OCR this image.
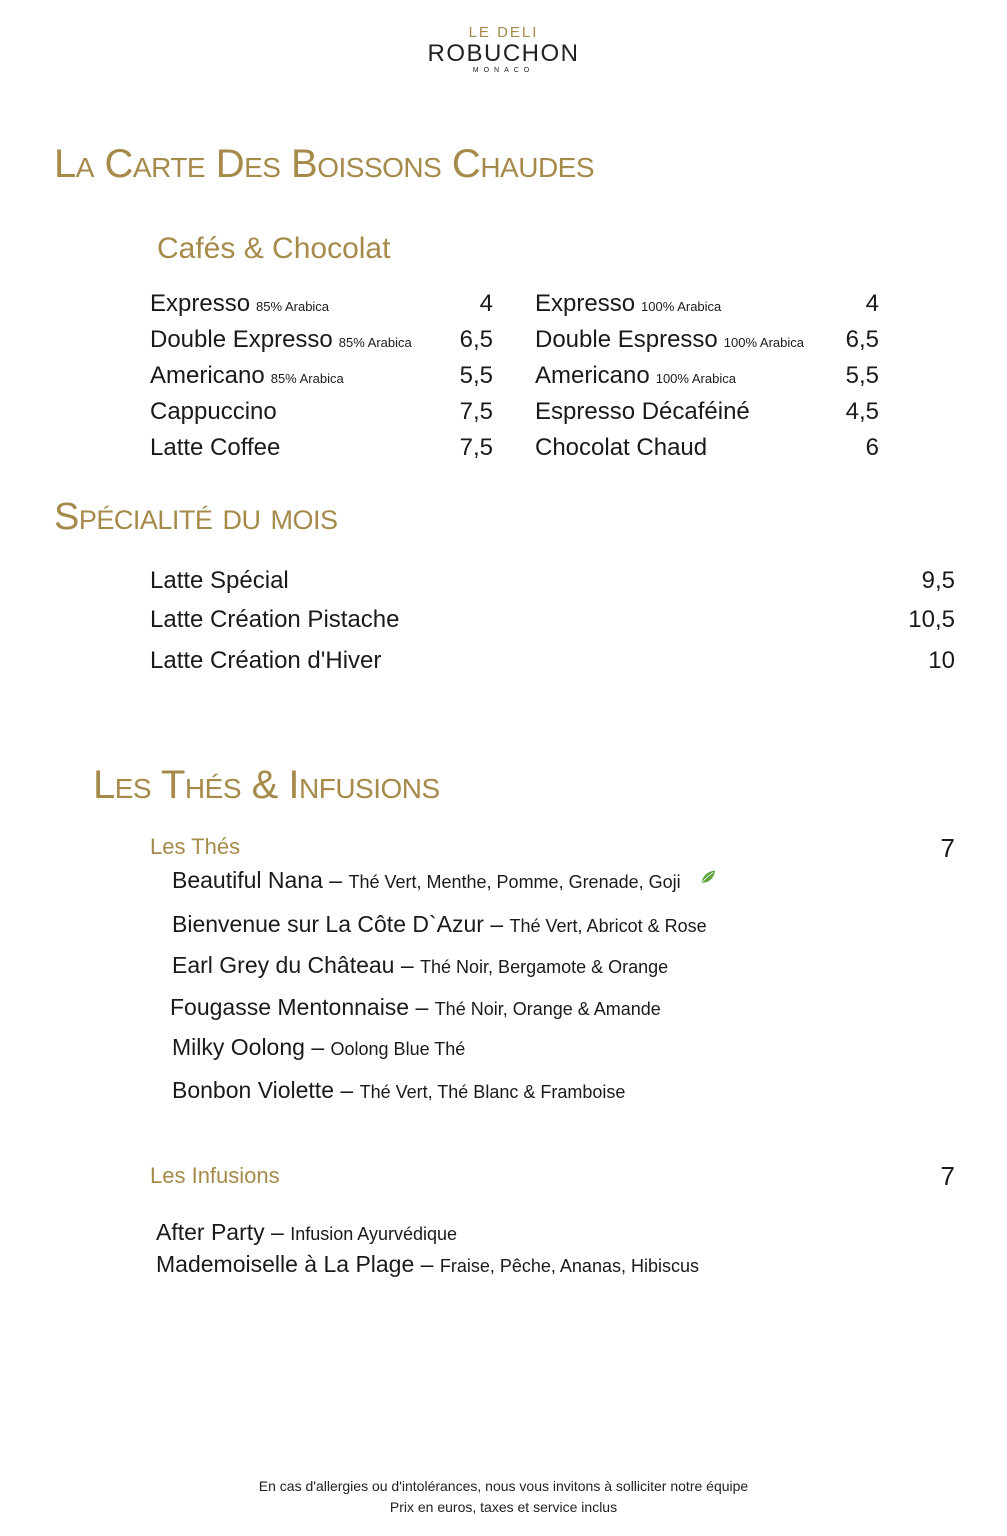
LE DELI
ROBUCHON
MONACO
La Carte Des Boissons Chaudes
Cafés & Chocolat
Expresso 85% Arabica	4
Double Expresso 85% Arabica 6,5
Americano 85% Arabica	5,5
Cappuccino	7,5
Latte Coffee	7,5
Expresso 100% Arabica	4
Double Espresso 100% Arabica 6,5
Americano 100% Arabica	5,5
Espresso Décaféiné	4,5
Chocolat Chaud	6
Spécialité du mois
Latte Spécial	9,5
Latte Création Pistache	10,5
Latte Création d'Hiver	10
Les Thés & Infusions
Les Thés	7
Beautiful Nana – Thé Vert, Menthe, Pomme, Grenade, Goji
Bienvenue sur La Côte D`Azur – Thé Vert, Abricot & Rose
Earl Grey du Château – Thé Noir, Bergamote & Orange
Fougasse Mentonnaise – Thé Noir, Orange & Amande
Milky Oolong – Oolong Blue Thé
Bonbon Violette – Thé Vert, Thé Blanc & Framboise
Les Infusions	7
After Party – Infusion Ayurvédique
Mademoiselle à La Plage – Fraise, Pêche, Ananas, Hibiscus
En cas d'allergies ou d'intolérances, nous vous invitons à solliciter notre équipe
Prix en euros, taxes et service inclus
